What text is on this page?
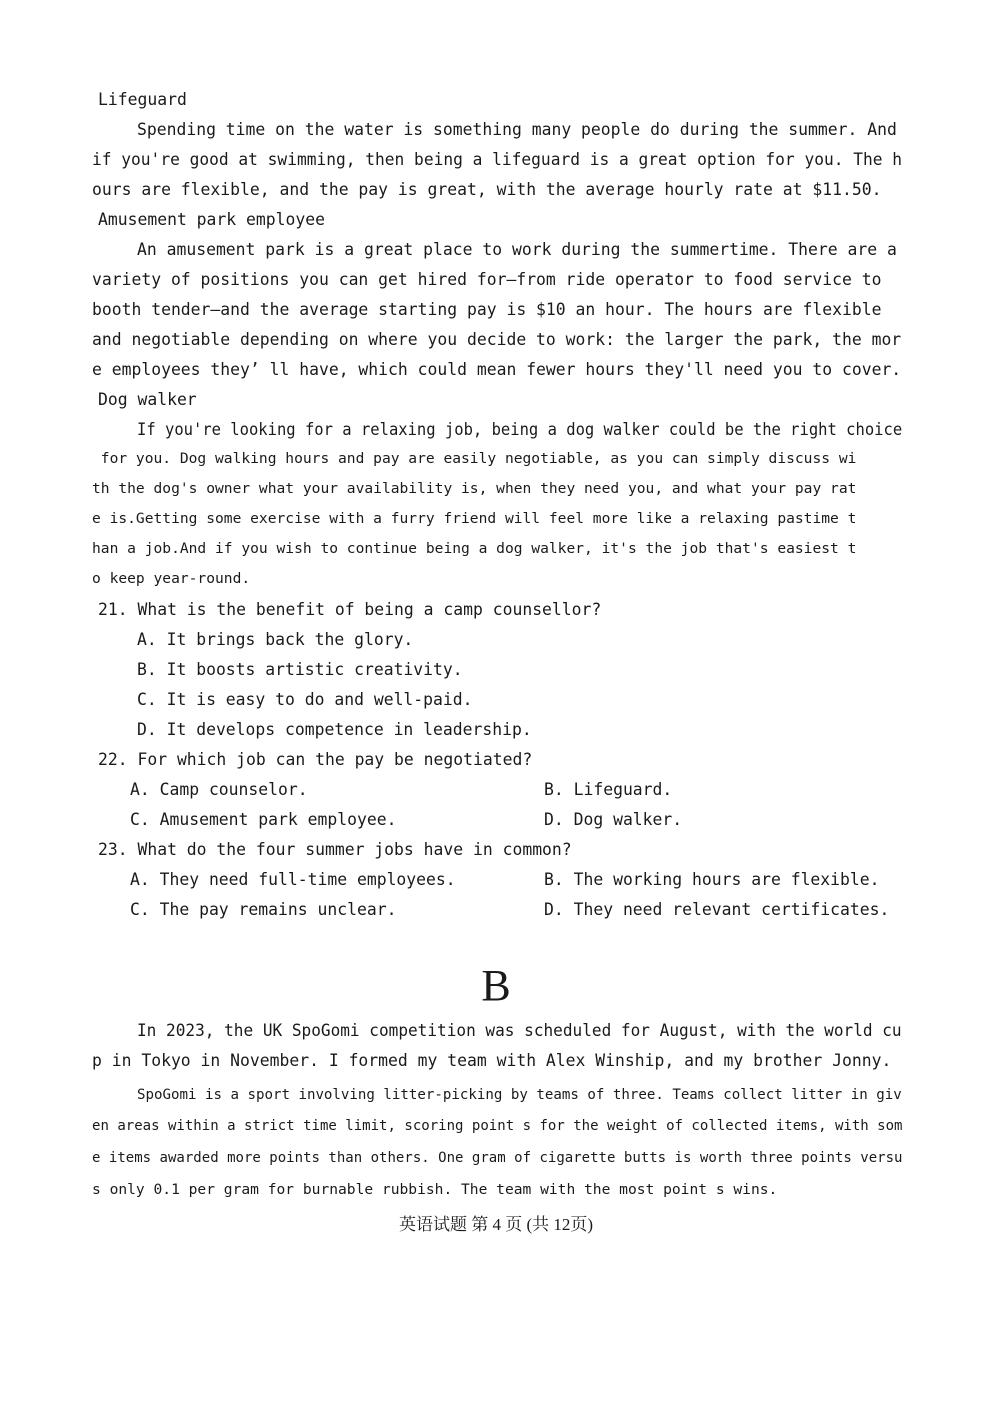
Lifeguard
Spending time on the water is something many people do during the summer. And
if you're good at swimming, then being a lifeguard is a great option for you. The h
ours are flexible, and the pay is great, with the average hourly rate at $11.50.
Amusement park employee
An amusement park is a great place to work during the summertime. There are a
variety of positions you can get hired for—from ride operator to food service to
booth tender—and the average starting pay is $10 an hour. The hours are flexible
and negotiable depending on where you decide to work: the larger the park, the mor
e employees they’ ll have, which could mean fewer hours they'll need you to cover.
Dog walker
If you're looking for a relaxing job, being a dog walker could be the right choice
for you. Dog walking hours and pay are easily negotiable, as you can simply discuss wi
th the dog's owner what your availability is, when they need you, and what your pay rat
e is.Getting some exercise with a furry friend will feel more like a relaxing pastime t
han a job.And if you wish to continue being a dog walker, it's the job that's easiest t
o keep year-round.
21. What is the benefit of being a camp counsellor?
A. It brings back the glory.
B. It boosts artistic creativity.
C. It is easy to do and well-paid.
D. It develops competence in leadership.
22. For which job can the pay be negotiated?
A. Camp counselor.	B. Lifeguard.
C. Amusement park employee.	D. Dog walker.
23. What do the four summer jobs have in common?
A. They need full-time employees.	B. The working hours are flexible.
C. The pay remains unclear.	D. They need relevant certificates.
B
In 2023, the UK SpoGomi competition was scheduled for August, with the world cu
p in Tokyo in November. I formed my team with Alex Winship, and my brother Jonny.
SpoGomi is a sport involving litter-picking by teams of three. Teams collect litter in giv
en areas within a strict time limit, scoring point s for the weight of collected items, with som
e items awarded more points than others. One gram of cigarette butts is worth three points versu
s only 0.1 per gram for burnable rubbish. The team with the most point s wins.
英语试题 第 4 页 (共 12页)
